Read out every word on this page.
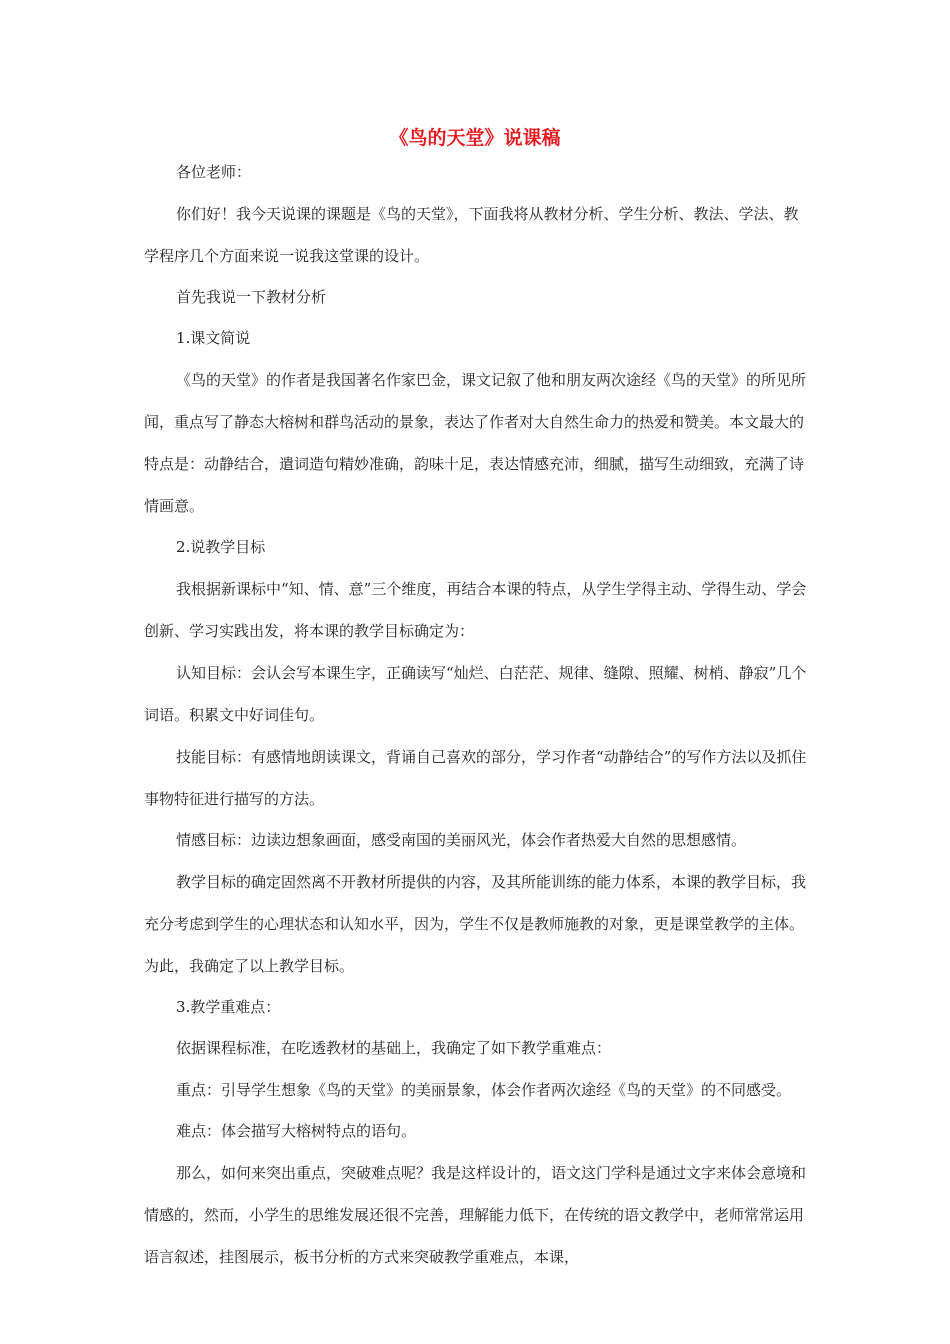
《鸟的天堂》说课稿

各位老师：

你们好！我今天说课的课题是《鸟的天堂》，下面我将从教材分析、学生分析、教法、学法、教学程序几个方面来说一说我这堂课的设计。

首先我说一下教材分析

1.课文简说

《鸟的天堂》的作者是我国著名作家巴金，课文记叙了他和朋友两次途经《鸟的天堂》的所见所闻，重点写了静态大榕树和群鸟活动的景象，表达了作者对大自然生命力的热爱和赞美。本文最大的特点是：动静结合，遣词造句精妙准确，韵味十足，表达情感充沛，细腻，描写生动细致，充满了诗情画意。

2.说教学目标

我根据新课标中“知、情、意”三个维度，再结合本课的特点，从学生学得主动、学得生动、学会创新、学习实践出发，将本课的教学目标确定为：

认知目标：会认会写本课生字，正确读写“灿烂、白茫茫、规律、缝隙、照耀、树梢、静寂”几个词语。积累文中好词佳句。

技能目标：有感情地朗读课文，背诵自己喜欢的部分，学习作者“动静结合”的写作方法以及抓住事物特征进行描写的方法。

情感目标：边读边想象画面，感受南国的美丽风光，体会作者热爱大自然的思想感情。

教学目标的确定固然离不开教材所提供的内容，及其所能训练的能力体系，本课的教学目标，我充分考虑到学生的心理状态和认知水平，因为，学生不仅是教师施教的对象，更是课堂教学的主体。为此，我确定了以上教学目标。

3.教学重难点：

依据课程标准，在吃透教材的基础上，我确定了如下教学重难点：

重点：引导学生想象《鸟的天堂》的美丽景象，体会作者两次途经《鸟的天堂》的不同感受。

难点：体会描写大榕树特点的语句。

那么，如何来突出重点，突破难点呢？我是这样设计的，语文这门学科是通过文字来体会意境和情感的，然而，小学生的思维发展还很不完善，理解能力低下，在传统的语文教学中，老师常常运用语言叙述，挂图展示，板书分析的方式来突破教学重难点，本课，
